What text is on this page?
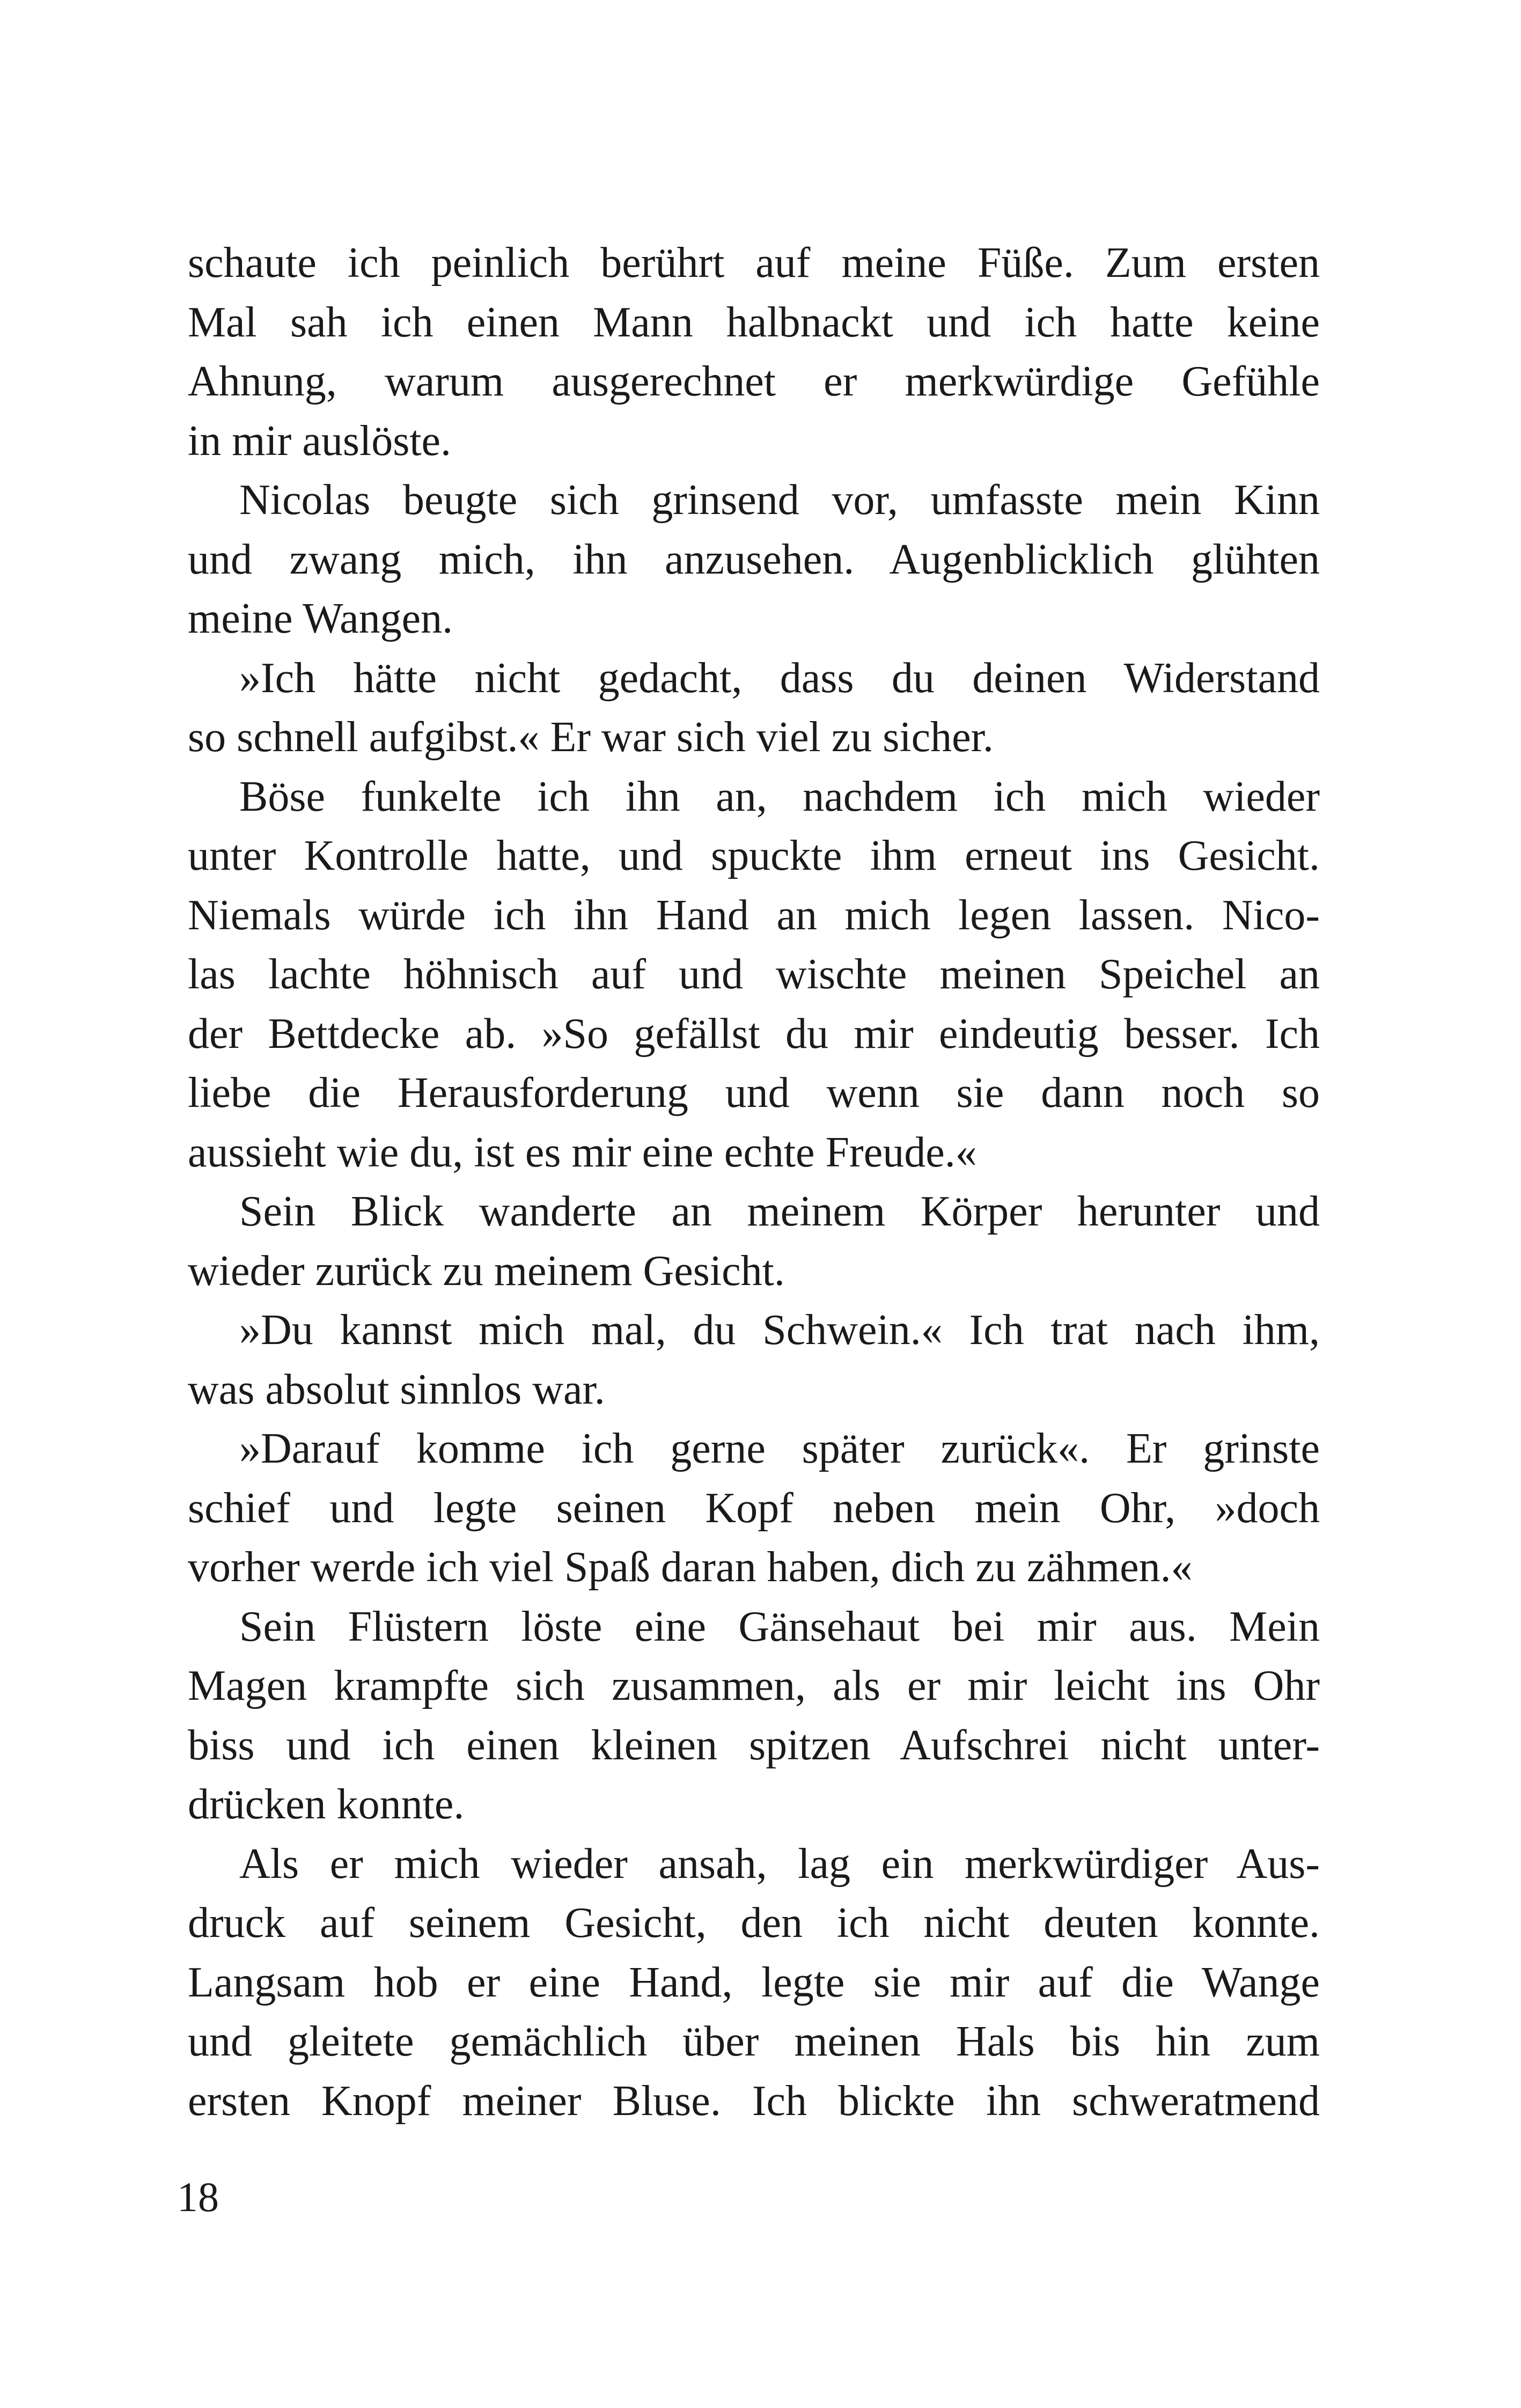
schaute ich peinlich berührt auf meine Füße. Zum ersten
Mal sah ich einen Mann halbnackt und ich hatte keine
Ahnung, warum ausgerechnet er merkwürdige Gefühle
in mir auslöste.
Nicolas beugte sich grinsend vor, umfasste mein Kinn
und zwang mich, ihn anzusehen. Augenblicklich glühten
meine Wangen.
»Ich hätte nicht gedacht, dass du deinen Widerstand
so schnell aufgibst.« Er war sich viel zu sicher.
Böse funkelte ich ihn an, nachdem ich mich wieder
unter Kontrolle hatte, und spuckte ihm erneut ins Gesicht.
Niemals würde ich ihn Hand an mich legen lassen. Nico-
las lachte höhnisch auf und wischte meinen Speichel an
der Bettdecke ab. »So gefällst du mir eindeutig besser. Ich
liebe die Herausforderung und wenn sie dann noch so
aussieht wie du, ist es mir eine echte Freude.«
Sein Blick wanderte an meinem Körper herunter und
wieder zurück zu meinem Gesicht.
»Du kannst mich mal, du Schwein.« Ich trat nach ihm,
was absolut sinnlos war.
»Darauf komme ich gerne später zurück«. Er grinste
schief und legte seinen Kopf neben mein Ohr, »doch
vorher werde ich viel Spaß daran haben, dich zu zähmen.«
Sein Flüstern löste eine Gänsehaut bei mir aus. Mein
Magen krampfte sich zusammen, als er mir leicht ins Ohr
biss und ich einen kleinen spitzen Aufschrei nicht unter-
drücken konnte.
Als er mich wieder ansah, lag ein merkwürdiger Aus-
druck auf seinem Gesicht, den ich nicht deuten konnte.
Langsam hob er eine Hand, legte sie mir auf die Wange
und gleitete gemächlich über meinen Hals bis hin zum
ersten Knopf meiner Bluse. Ich blickte ihn schweratmend
18
